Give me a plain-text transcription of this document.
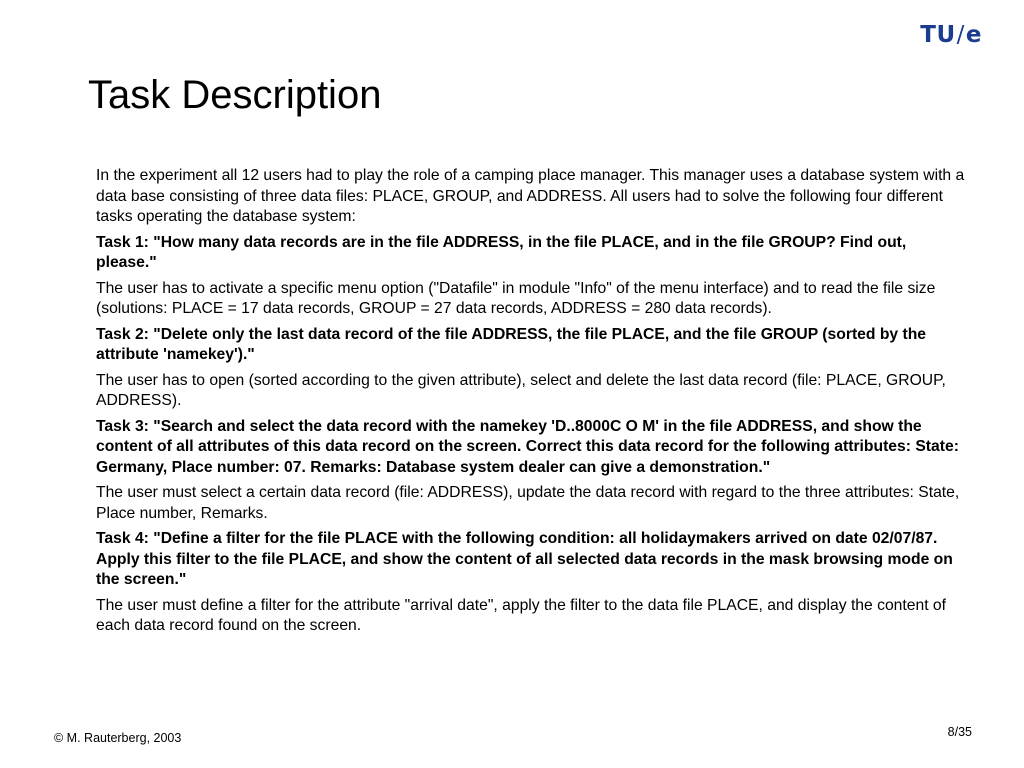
TU/e
Task Description

In the experiment all 12 users had to play the role of a camping place manager. This manager uses a database system with a data base consisting of three data files: PLACE, GROUP, and ADDRESS. All users had to solve the following four different tasks operating the database system:

Task 1: "How many data records are in the file ADDRESS, in the file PLACE, and in the file GROUP? Find out, please."

The user has to activate a specific menu option ("Datafile" in module "Info" of the menu interface) and to read the file size (solutions: PLACE = 17 data records, GROUP = 27 data records, ADDRESS = 280 data records).

Task 2: "Delete only the last data record of the file ADDRESS, the file PLACE, and the file GROUP (sorted by the attribute 'namekey')."

The user has to open (sorted according to the given attribute), select and delete the last data record (file: PLACE, GROUP, ADDRESS).

Task 3: "Search and select the data record with the namekey 'D..8000C O M' in the file ADDRESS, and show the content of all attributes of this data record on the screen. Correct this data record for the following attributes: State: Germany, Place number: 07. Remarks: Database system dealer can give a demonstration."

The user must select a certain data record (file: ADDRESS), update the data record with regard to the three attributes: State, Place number, Remarks.

Task 4: "Define a filter for the file PLACE with the following condition: all holidaymakers arrived on date 02/07/87. Apply this filter to the file PLACE, and show the content of all selected data records in the mask browsing mode on the screen."

The user must define a filter for the attribute "arrival date", apply the filter to the data file PLACE, and display the content of each data record found on the screen.

© M. Rauterberg, 2003	8/35
